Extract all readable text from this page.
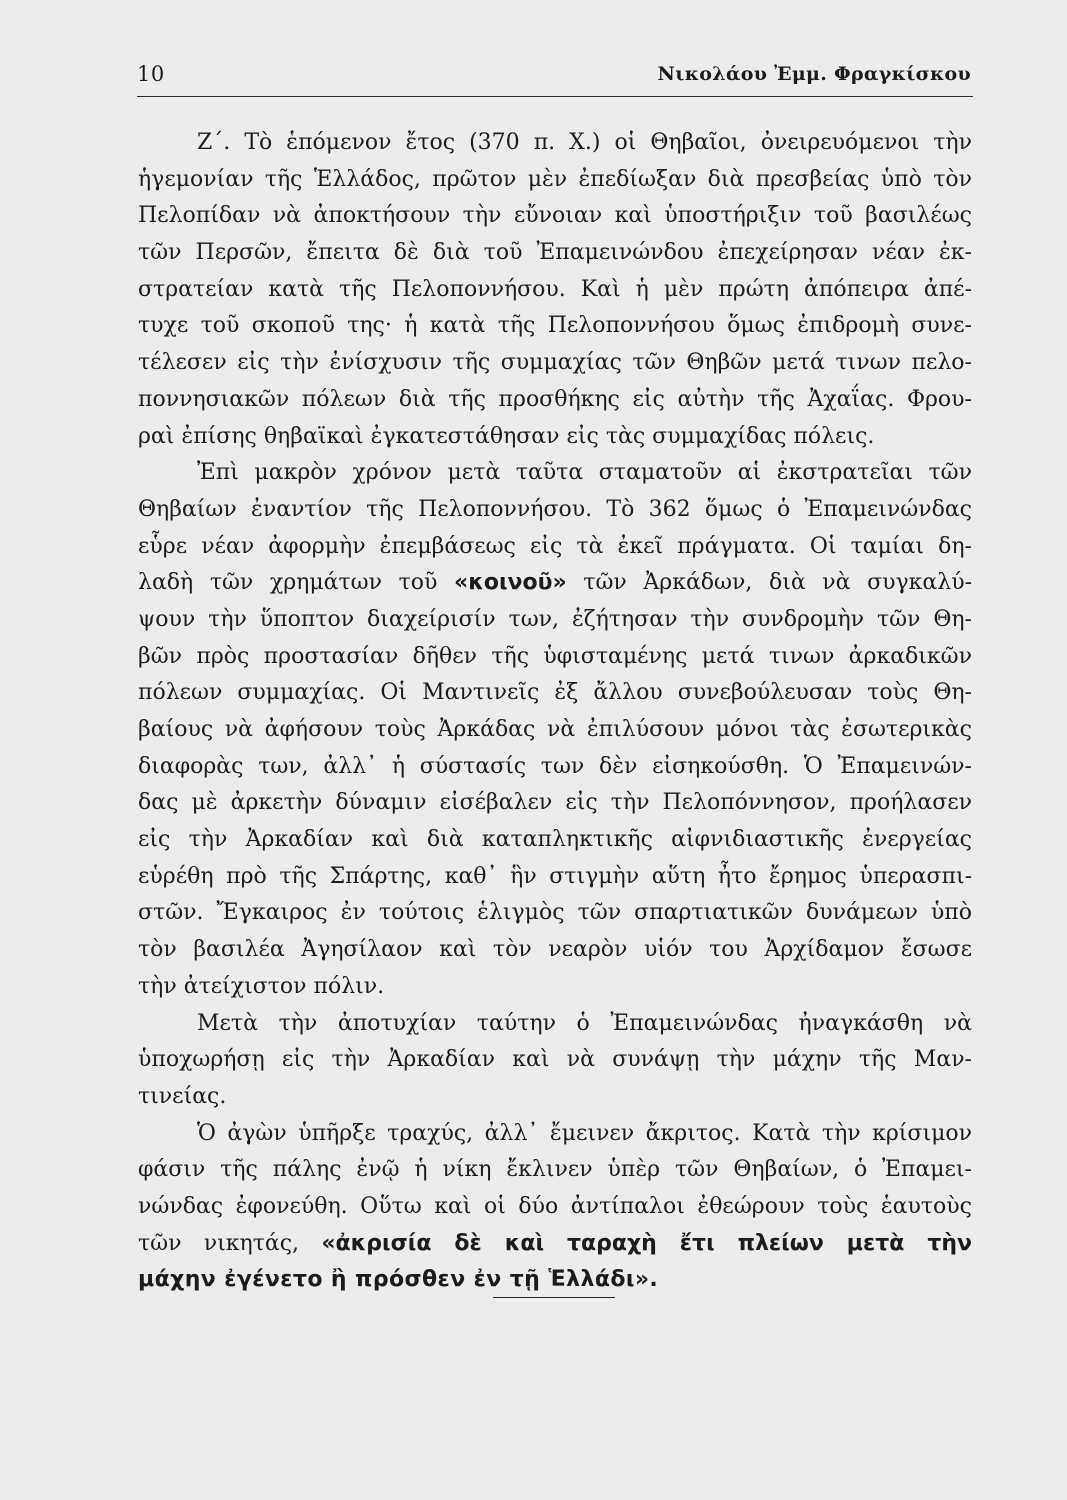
10	Νικολάου Ἐμμ. Φραγκίσκου
Ζ΄. Τὸ ἑπόμενον ἔτος (370 π. Χ.) οἱ Θηβαῖοι, ὀνειρευόμενοι τὴν
ἡγεμονίαν τῆς Ἑλλάδος, πρῶτον μὲν ἐπεδίωξαν διὰ πρεσβείας ὑπὸ τὸν
Πελοπίδαν νὰ ἀποκτήσουν τὴν εὔνοιαν καὶ ὑποστήριξιν τοῦ βασιλέως
τῶν Περσῶν, ἔπειτα δὲ διὰ τοῦ Ἐπαμεινώνδου ἐπεχείρησαν νέαν ἐκ-
στρατείαν κατὰ τῆς Πελοποννήσου. Καὶ ἡ μὲν πρώτη ἀπόπειρα ἀπέ-
τυχε τοῦ σκοποῦ της· ἡ κατὰ τῆς Πελοποννήσου ὅμως ἐπιδρομὴ συνε-
τέλεσεν εἰς τὴν ἐνίσχυσιν τῆς συμμαχίας τῶν Θηβῶν μετά τινων πελο-
ποννησιακῶν πόλεων διὰ τῆς προσθήκης εἰς αὐτὴν τῆς Ἀχαΐας. Φρου-
ραὶ ἐπίσης θηβαϊκαὶ ἐγκατεστάθησαν εἰς τὰς συμμαχίδας πόλεις.
Ἐπὶ μακρὸν χρόνον μετὰ ταῦτα σταματοῦν αἱ ἐκστρατεῖαι τῶν
Θηβαίων ἐναντίον τῆς Πελοποννήσου. Τὸ 362 ὅμως ὁ Ἐπαμεινώνδας
εὗρε νέαν ἀφορμὴν ἐπεμβάσεως εἰς τὰ ἐκεῖ πράγματα. Οἱ ταμίαι δη-
λαδὴ τῶν χρημάτων τοῦ «κοινοῦ» τῶν Ἀρκάδων, διὰ νὰ συγκαλύ-
ψουν τὴν ὕποπτον διαχείρισίν των, ἐζήτησαν τὴν συνδρομὴν τῶν Θη-
βῶν πρὸς προστασίαν δῆθεν τῆς ὑφισταμένης μετά τινων ἀρκαδικῶν
πόλεων συμμαχίας. Οἱ Μαντινεῖς ἐξ ἄλλου συνεβούλευσαν τοὺς Θη-
βαίους νὰ ἀφήσουν τοὺς Ἀρκάδας νὰ ἐπιλύσουν μόνοι τὰς ἐσωτερικὰς
διαφορὰς των, ἀλλ᾽ ἡ σύστασίς των δὲν εἰσηκούσθη. Ὁ Ἐπαμεινών-
δας μὲ ἀρκετὴν δύναμιν εἰσέβαλεν εἰς τὴν Πελοπόννησον, προήλασεν
εἰς τὴν Ἀρκαδίαν καὶ διὰ καταπληκτικῆς αἰφνιδιαστικῆς ἐνεργείας
εὑρέθη πρὸ τῆς Σπάρτης, καθ᾽ ἣν στιγμὴν αὕτη ἦτο ἔρημος ὑπερασπι-
στῶν. Ἔγκαιρος ἐν τούτοις ἑλιγμὸς τῶν σπαρτιατικῶν δυνάμεων ὑπὸ
τὸν βασιλέα Ἀγησίλαον καὶ τὸν νεαρὸν υἱόν του Ἀρχίδαμον ἔσωσε
τὴν ἀτείχιστον πόλιν.
Μετὰ τὴν ἀποτυχίαν ταύτην ὁ Ἐπαμεινώνδας ἠναγκάσθη νὰ
ὑποχωρήσῃ εἰς τὴν Ἀρκαδίαν καὶ νὰ συνάψῃ τὴν μάχην τῆς Μαν-
τινείας.
Ὁ ἀγὼν ὑπῆρξε τραχύς, ἀλλ᾽ ἔμεινεν ἄκριτος. Κατὰ τὴν κρίσιμον
φάσιν τῆς πάλης ἐνῷ ἡ νίκη ἔκλινεν ὑπὲρ τῶν Θηβαίων, ὁ Ἐπαμει-
νώνδας ἐφονεύθη. Οὕτω καὶ οἱ δύο ἀντίπαλοι ἐθεώρουν τοὺς ἑαυτοὺς
τῶν νικητάς, «ἀκρισία δὲ καὶ ταραχὴ ἔτι πλείων μετὰ τὴν
μάχην ἐγένετο ἢ πρόσθεν ἐν τῇ Ἑλλάδι».
